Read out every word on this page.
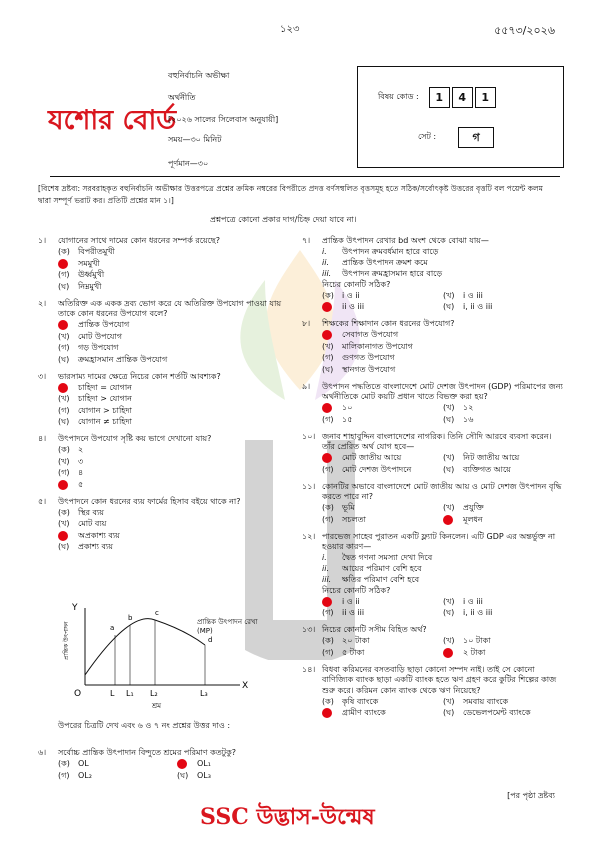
১২৩	৫৫৭৩/২০২৬
যশোর বোর্ড
বহুনির্বাচনি অভীক্ষা
অর্থনীতি
[২০২৬ সালের সিলেবাস অনুযায়ী]
সময়—৩০ মিনিট
পূর্ণমান—৩০
বিষয় কোড :	1	4	1
সেট :	গ
[বিশেষ দ্রষ্টব্য: সরবরাহকৃত বহুনির্বাচনি অভীক্ষার উত্তরপত্রে প্রশ্নের ক্রমিক নম্বরের বিপরীতে প্রদত্ত বর্ণসম্বলিত বৃত্তসমূহ হতে সঠিক/সর্বোৎকৃষ্ট উত্তরের বৃত্তটি বল পয়েন্ট কলম দ্বারা সম্পূর্ণ ভরাট কর। প্রতিটি প্রশ্নের মান ১।]
প্রশ্নপত্রে কোনো প্রকার দাগ/চিহ্ন দেয়া যাবে না।
১।	যোগানের সাথে দামের কোন ধরনের সম্পর্ক রয়েছে?
(ক)	বিপরীতমুখী
সমমুখী
(গ)	ঊর্ধ্বমুখী
(ঘ)	নিম্নমুখী
২।	অতিরিক্ত এক একক দ্রব্য ভোগ করে যে অতিরিক্ত উপযোগ পাওয়া যায় তাকে কোন ধরনের উপযোগ বলে?
প্রান্তিক উপযোগ
(খ)	মোট উপযোগ
(গ)	গড় উপযোগ
(ঘ)	ক্রমহ্রাসমান প্রান্তিক উপযোগ
৩।	ভারসাম্য দামের ক্ষেত্রে নিচের কোন শর্তটি আবশ্যক?
চাহিদা = যোগান
(খ)	চাহিদা > যোগান
(গ)	যোগান > চাহিদা
(ঘ)	যোগান ≠ চাহিদা
৪।	উৎপাদনে উপযোগ সৃষ্টি কয় ভাগে দেখানো যায়?
(ক)	২
(খ)	৩
(গ)	৪
৫
৫।	উৎপাদনে কোন ধরনের ব্যয় ফার্মের হিসাব বইয়ে থাকে না?
(ক)	স্থির ব্যয়
(খ)	মোট ব্যয়
অপ্রকাশ্য ব্যয়
(ঘ)	প্রকাশ্য ব্যয়
Y
X
O
a
b
c
d
L L₁ L₂	L₃
শ্রম
প্রান্তিক উৎপাদন	প্রান্তিক উৎপাদন রেখা (MP)
উপরের চিত্রটি দেখ এবং ৬ ও ৭ নং প্রশ্নের উত্তর দাও :
৬।	সর্বোচ্চ প্রান্তিক উৎপাদান বিন্দুতে শ্রমের পরিমাণ কতটুকু?
(ক)	OL	OL₁
(গ)	OL₂	(ঘ)	OL₃
৭।	প্রান্তিক উৎপাদন রেখার bd অংশ থেকে বোঝা যায়—
i.	উৎপাদন ক্রমবর্ধমান হারে বাড়ে
ii.	প্রান্তিক উৎপাদন ক্রমশ কমে
iii.	উৎপাদন ক্রমহ্রাসমান হারে বাড়ে
নিচের কোনটি সঠিক?
(ক)	i ও ii	(খ)	i ও iii
ii ও iii	(ঘ)	i, ii ও iii
৮।	শিক্ষকের শিক্ষাদান কোন ধরনের উপযোগ?
সেবাগত উপযোগ
(খ)	মালিকানাগত উপযোগ
(গ)	গুণগত উপযোগ
(ঘ)	স্থানগত উপযোগ
৯।	উৎপাদন পদ্ধতিতে বাংলাদেশে মোট দেশজ উৎপাদন (GDP) পরিমাপের জন্য অর্থনীতিকে মোট কয়টি প্রধান খাতে বিভক্ত করা হয়?
১০	(খ)	১২
(গ)	১৫	(ঘ)	১৬
১০। জনাব শাহাবুদ্দিন বাংলাদেশের নাগরিক। তিনি সৌদি আরবে ব্যবসা করেন। তাঁর প্রেরিত অর্থ যোগ হবে—
মোট জাতীয় আয়ে	(খ)	নিট জাতীয় আয়ে
(গ)	মোট দেশজ উৎপাদনে	(ঘ)	ব্যক্তিগত আয়ে
১১। কোনটির অভাবে বাংলাদেশে মোট জাতীয় আয় ও মোট দেশজ উৎপাদন বৃদ্ধি করতে পারে না?
(ক)	ভূমি	(খ)	প্রযুক্তি
(গ)	সচলতা	মূলধন
১২। পারভেজ সাহেব পুরাতন একটি ফ্ল্যাট কিনলেন। এটি GDP এর অন্তর্ভুক্ত না হওয়ার কারণ—
i.	দ্বৈত গণনা সমস্যা দেখা দিবে
ii.	আয়ের পরিমাণ বেশি হবে
iii.	ক্ষতির পরিমাণ বেশি হবে
নিচের কোনটি সঠিক?
i ও ii	(খ)	i ও iii
(গ)	ii ও iii	(ঘ)	i, ii ও iii
১৩। নিচের কোনটি সসীম বিহিত অর্থ?
(ক)	২০ টাকা	(খ)	১০ টাকা
(গ)	৫ টাকা	২ টাকা
১৪। বিধবা করিমনের বসতবাড়ি ছাড়া কোনো সম্পদ নাই। তাই সে কোনো বাণিজ্যিক ব্যাংক ছাড়া একটি ব্যাংক হতে ঋণ গ্রহণ করে কুটির শিল্পের কাজ শুরু করে। করিমন কোন ব্যাংক থেকে ঋণ নিয়েছে?
(ক)	কৃষি ব্যাংকে	(খ)	সমবায় ব্যাংকে
গ্রামীণ ব্যাংকে	(ঘ)	ডেভেলপমেন্ট ব্যাংকে
[পর পৃষ্ঠা দ্রষ্টব্য
SSC উদ্ভাস-উন্মেষ
